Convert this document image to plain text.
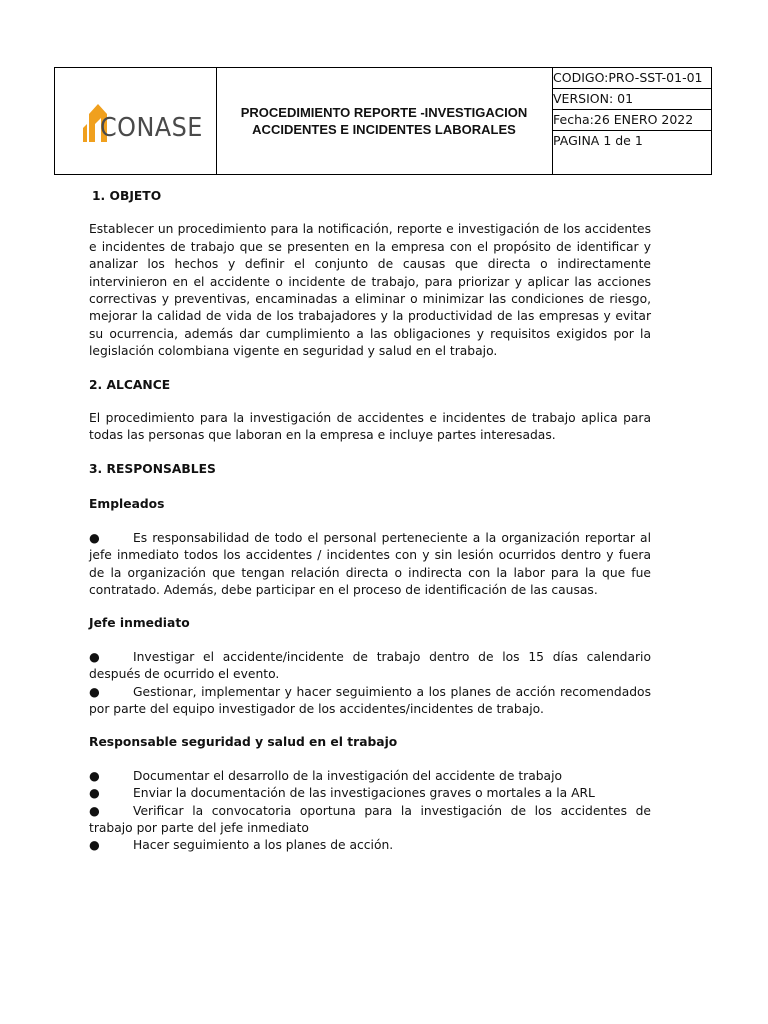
CONASE
PROCEDIMIENTO REPORTE -INVESTIGACION
ACCIDENTES E INCIDENTES LABORALES
CODIGO:PRO-SST-01-01
VERSION: 01
Fecha:26 ENERO 2022
PAGINA 1 de 1

1. OBJETO

Establecer un procedimiento para la notificación, reporte e investigación de los accidentes e incidentes de trabajo que se presenten en la empresa con el propósito de identificar y analizar los hechos y definir el conjunto de causas que directa o indirectamente intervinieron en el accidente o incidente de trabajo, para priorizar y aplicar las acciones correctivas y preventivas, encaminadas a eliminar o minimizar las condiciones de riesgo, mejorar la calidad de vida de los trabajadores y la productividad de las empresas y evitar su ocurrencia, además dar cumplimiento a las obligaciones y requisitos exigidos por la legislación colombiana vigente en seguridad y salud en el trabajo.

2. ALCANCE

El procedimiento para la investigación de accidentes e incidentes de trabajo aplica para todas las personas que laboran en la empresa e incluye partes interesadas.

3. RESPONSABLES

Empleados

●	Es responsabilidad de todo el personal perteneciente a la organización reportar al jefe inmediato todos los accidentes / incidentes con y sin lesión ocurridos dentro y fuera de la organización que tengan relación directa o indirecta con la labor para la que fue contratado. Además, debe participar en el proceso de identificación de las causas.

Jefe inmediato

●	Investigar el accidente/incidente de trabajo dentro de los 15 días calendario después de ocurrido el evento.

●	Gestionar, implementar y hacer seguimiento a los planes de acción recomendados por parte del equipo investigador de los accidentes/incidentes de trabajo.

Responsable seguridad y salud en el trabajo

●	Documentar el desarrollo de la investigación del accidente de trabajo

●	Enviar la documentación de las investigaciones graves o mortales a la ARL

●	Verificar la convocatoria oportuna para la investigación de los accidentes de trabajo por parte del jefe inmediato

●	Hacer seguimiento a los planes de acción.
